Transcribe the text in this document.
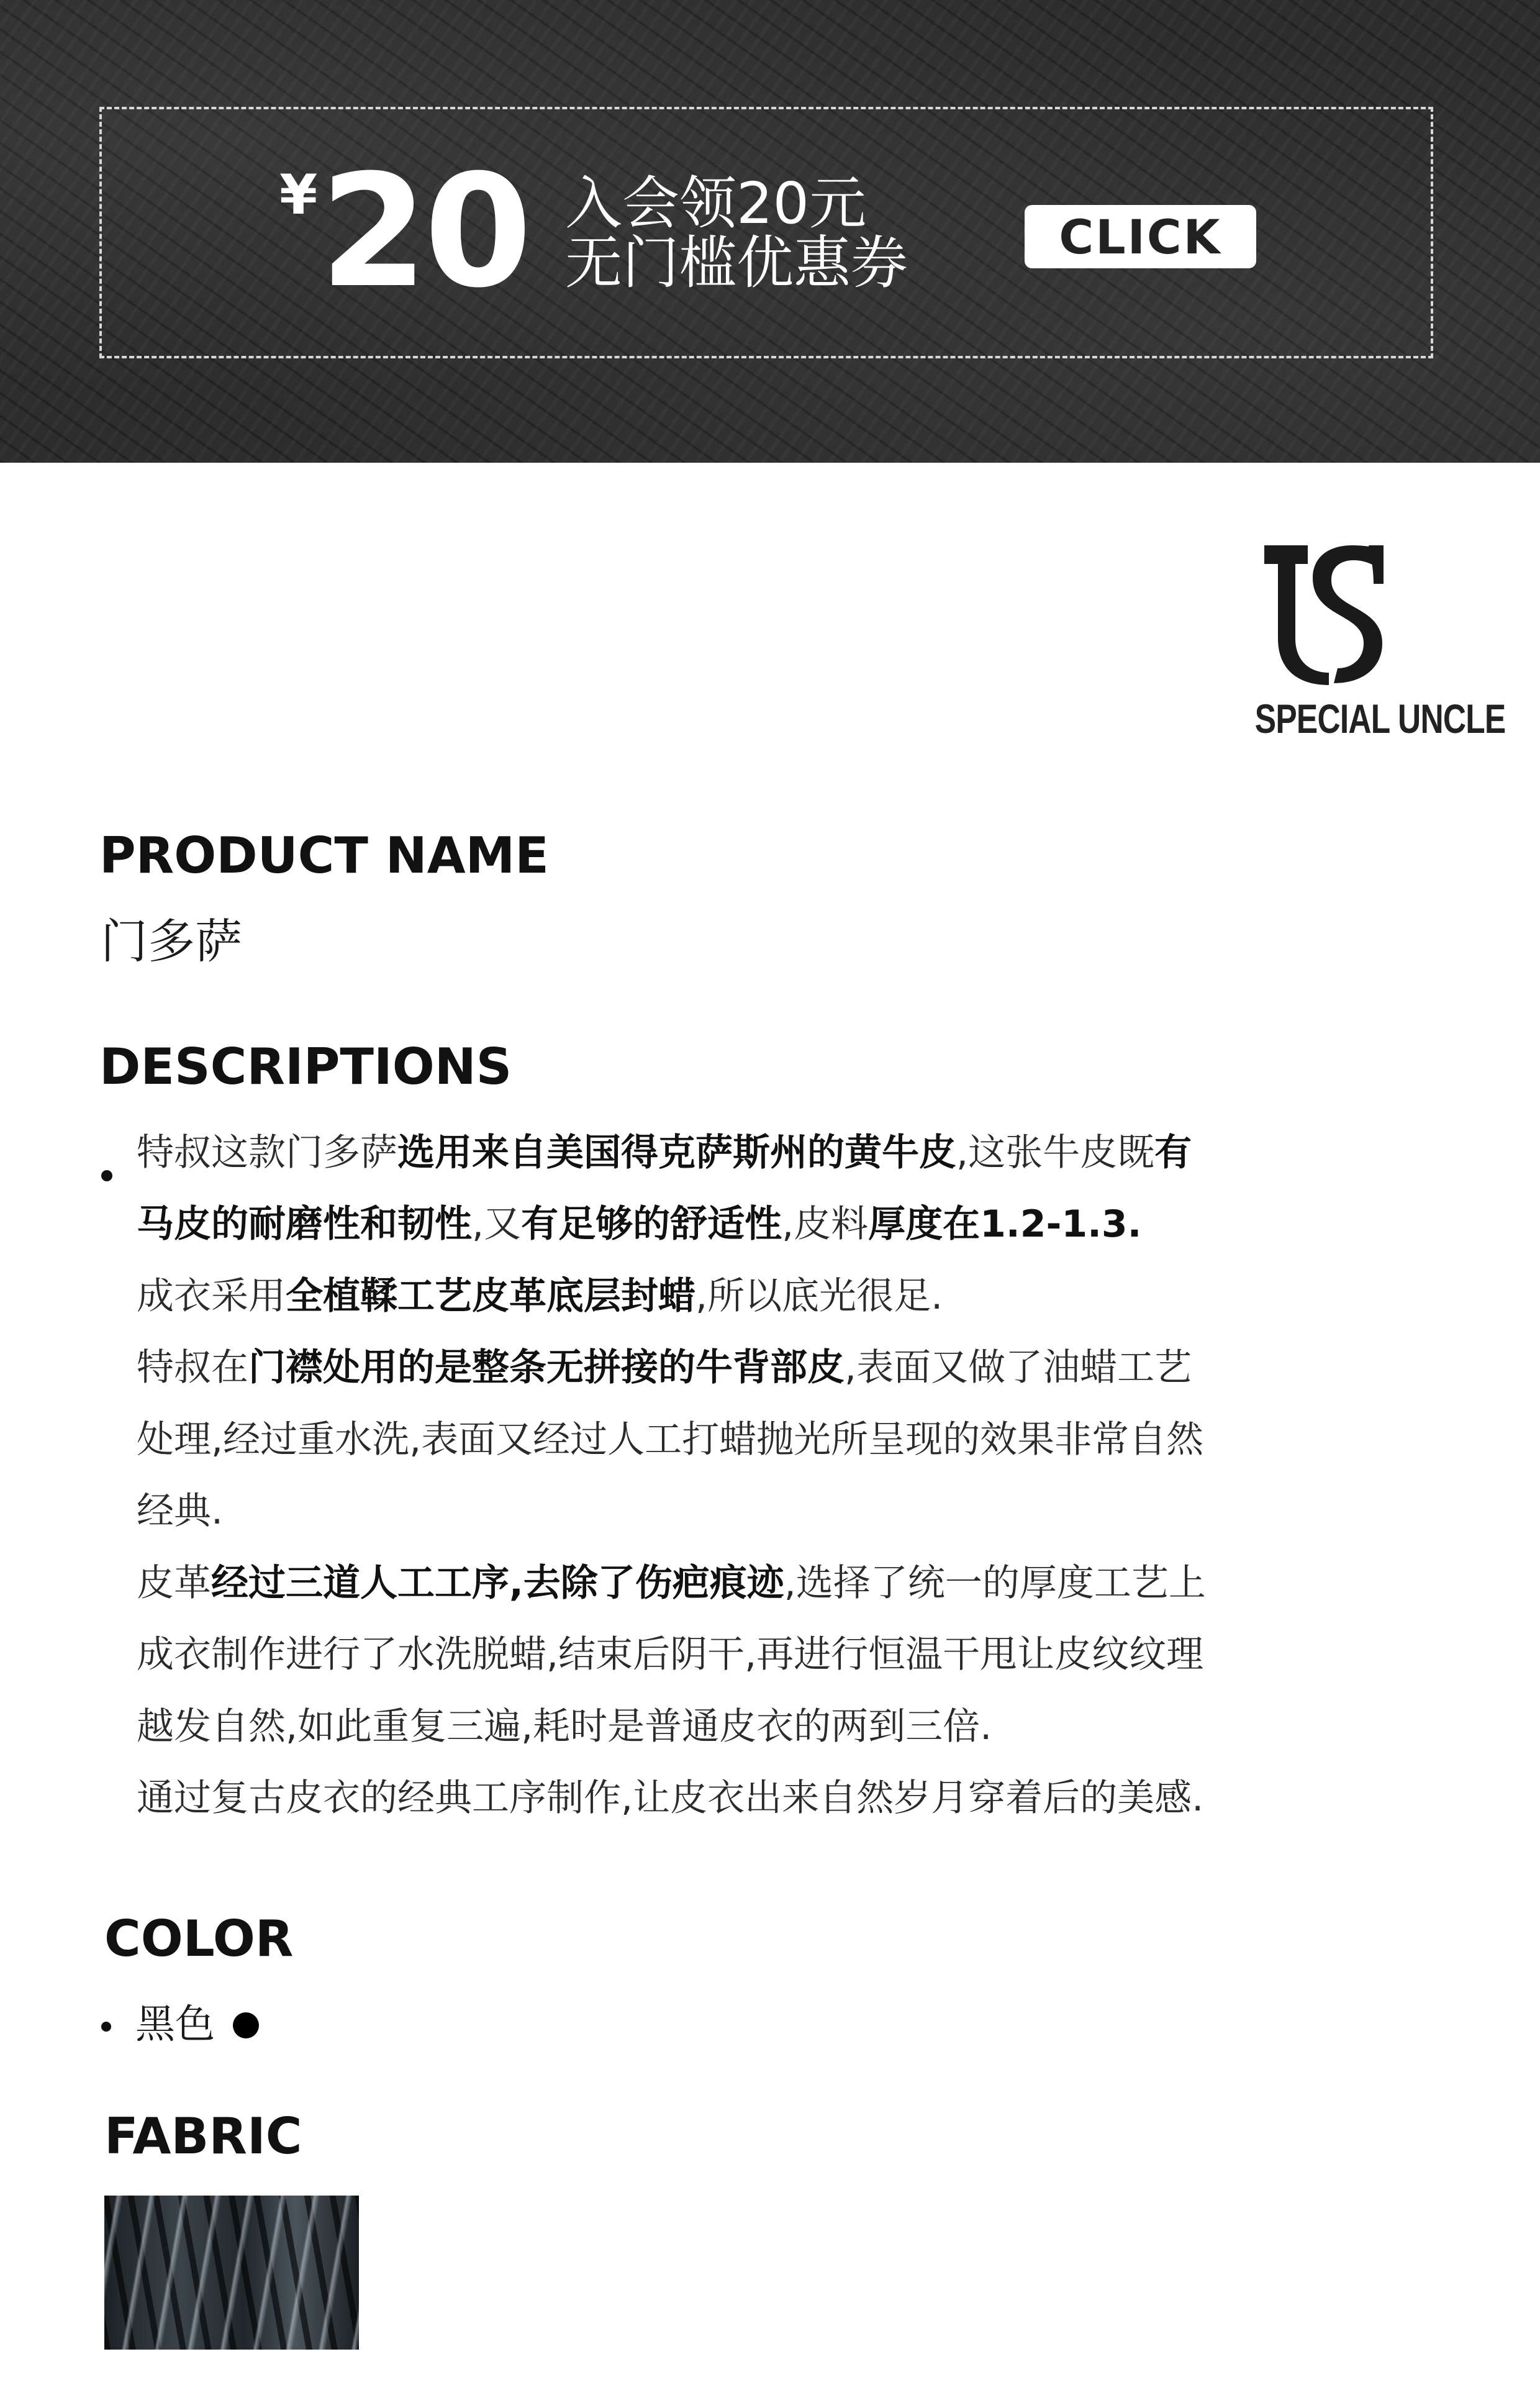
¥ 20 入会领20元
无门槛优惠券	CLICK
SPECIAL UNCLE
PRODUCT NAME
门多萨
DESCRIPTIONS
特叔这款门多萨选用来自美国得克萨斯州的黄牛皮,这张牛皮既有
马皮的耐磨性和韧性,又有足够的舒适性,皮料厚度在1.2-1.3.
成衣采用全植鞣工艺皮革底层封蜡,所以底光很足.
特叔在门襟处用的是整条无拼接的牛背部皮,表面又做了油蜡工艺
处理,经过重水洗,表面又经过人工打蜡抛光所呈现的效果非常自然
经典.
皮革经过三道人工工序,去除了伤疤痕迹,选择了统一的厚度工艺上
成衣制作进行了水洗脱蜡,结束后阴干,再进行恒温干甩让皮纹纹理
越发自然,如此重复三遍,耗时是普通皮衣的两到三倍.
通过复古皮衣的经典工序制作,让皮衣出来自然岁月穿着后的美感.
COLOR
黑色
FABRIC
